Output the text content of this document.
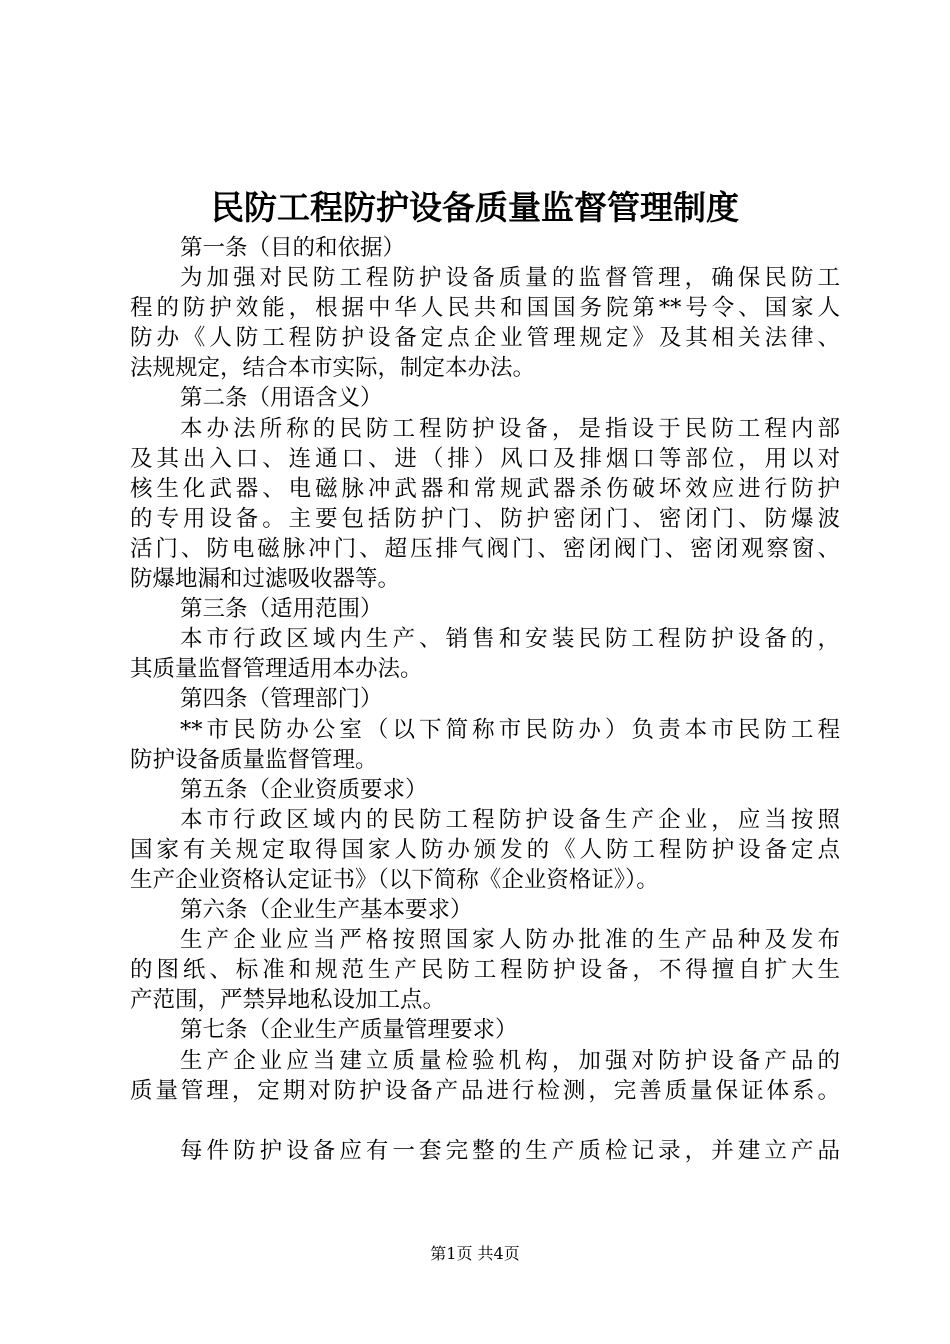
民防工程防护设备质量监督管理制度

第一条（目的和依据）

为加强对民防工程防护设备质量的监督管理，确保民防工

程的防护效能，根据中华人民共和国国务院第**号令、国家人

防办《人防工程防护设备定点企业管理规定》及其相关法律、

法规规定，结合本市实际，制定本办法。

第二条（用语含义）

本办法所称的民防工程防护设备，是指设于民防工程内部

及其出入口、连通口、进（排）风口及排烟口等部位，用以对

核生化武器、电磁脉冲武器和常规武器杀伤破坏效应进行防护

的专用设备。主要包括防护门、防护密闭门、密闭门、防爆波

活门、防电磁脉冲门、超压排气阀门、密闭阀门、密闭观察窗、

防爆地漏和过滤吸收器等。

第三条（适用范围）

本市行政区域内生产、销售和安装民防工程防护设备的，

其质量监督管理适用本办法。

第四条（管理部门）

**市民防办公室（以下简称市民防办）负责本市民防工程

防护设备质量监督管理。

第五条（企业资质要求）

本市行政区域内的民防工程防护设备生产企业，应当按照

国家有关规定取得国家人防办颁发的《人防工程防护设备定点

生产企业资格认定证书》（以下简称《企业资格证》）。

第六条（企业生产基本要求）

生产企业应当严格按照国家人防办批准的生产品种及发布

的图纸、标准和规范生产民防工程防护设备，不得擅自扩大生

产范围，严禁异地私设加工点。

第七条（企业生产质量管理要求）

生产企业应当建立质量检验机构，加强对防护设备产品的

质量管理，定期对防护设备产品进行检测，完善质量保证体系。

每件防护设备应有一套完整的生产质检记录，并建立产品

第1页 共4页
